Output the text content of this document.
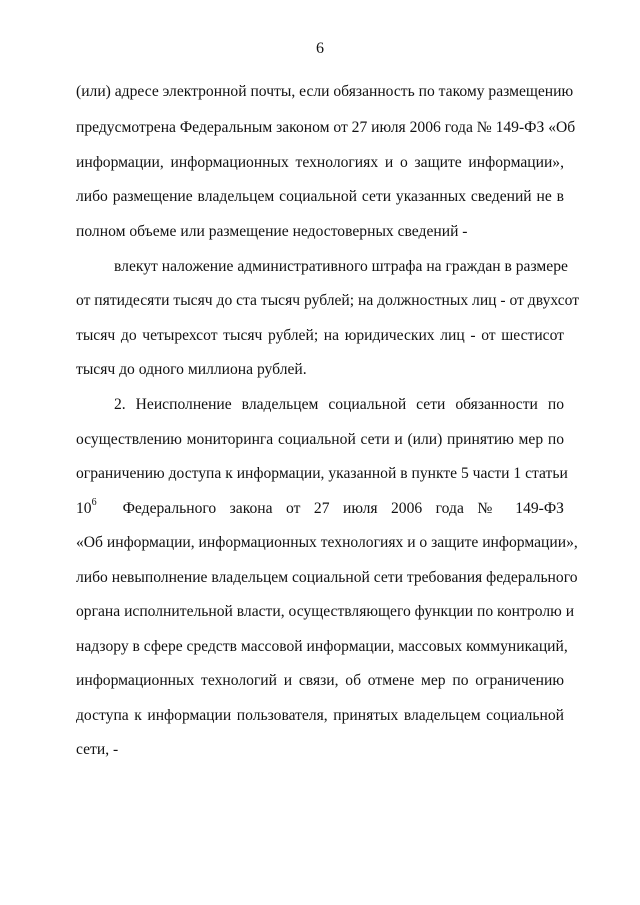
6
(или) адресе электронной почты, если обязанность по такому размещению
предусмотрена Федеральным законом от 27 июля 2006 года № 149-ФЗ «Об
информации, информационных технологиях и о защите информации»,
либо размещение владельцем социальной сети указанных сведений не в
полном объеме или размещение недостоверных сведений -
влекут наложение административного штрафа на граждан в размере
от пятидесяти тысяч до ста тысяч рублей; на должностных лиц - от двухсот
тысяч до четырехсот тысяч рублей; на юридических лиц - от шестисот
тысяч до одного миллиона рублей.
2. Неисполнение владельцем социальной сети обязанности по
осуществлению мониторинга социальной сети и (или) принятию мер по
ограничению доступа к информации, указанной в пункте 5 части 1 статьи
$10^6$ Федерального закона от 27 июля 2006 года № 149-ФЗ
«Об информации, информационных технологиях и о защите информации»,
либо невыполнение владельцем социальной сети требования федерального
органа исполнительной власти, осуществляющего функции по контролю и
надзору в сфере средств массовой информации, массовых коммуникаций,
информационных технологий и связи, об отмене мер по ограничению
доступа к информации пользователя, принятых владельцем социальной
сети, -
